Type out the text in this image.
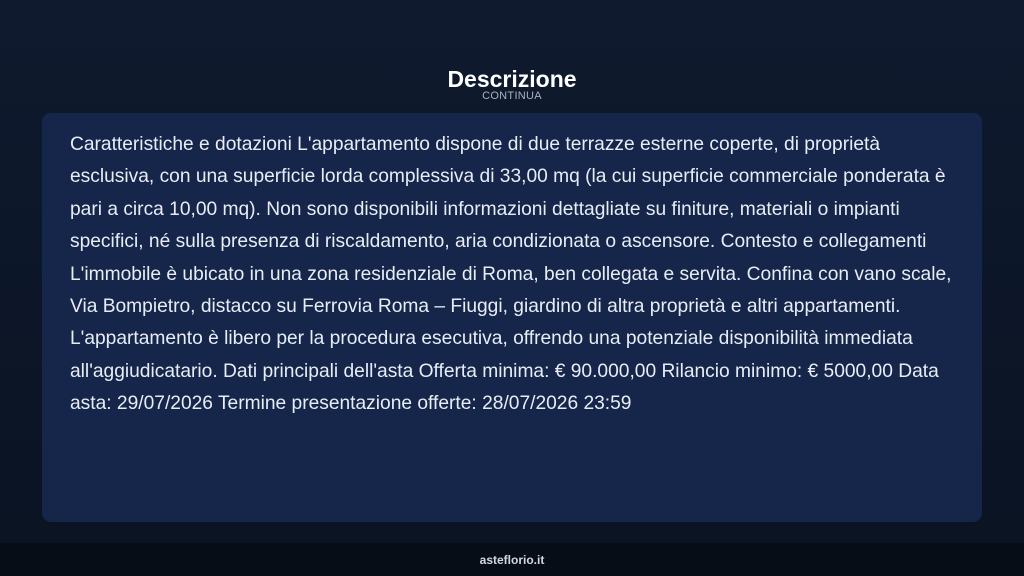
Descrizione
CONTINUA

Caratteristiche e dotazioni L'appartamento dispone di due terrazze esterne coperte, di proprietà esclusiva, con una superficie lorda complessiva di 33,00 mq (la cui superficie commerciale ponderata è pari a circa 10,00 mq). Non sono disponibili informazioni dettagliate su finiture, materiali o impianti specifici, né sulla presenza di riscaldamento, aria condizionata o ascensore. Contesto e collegamenti L'immobile è ubicato in una zona residenziale di Roma, ben collegata e servita. Confina con vano scale, Via Bompietro, distacco su Ferrovia Roma – Fiuggi, giardino di altra proprietà e altri appartamenti. L'appartamento è libero per la procedura esecutiva, offrendo una potenziale disponibilità immediata all'aggiudicatario. Dati principali dell'asta Offerta minima: € 90.000,00 Rilancio minimo: € 5000,00 Data asta: 29/07/2026 Termine presentazione offerte: 28/07/2026 23:59

asteflorio.it
